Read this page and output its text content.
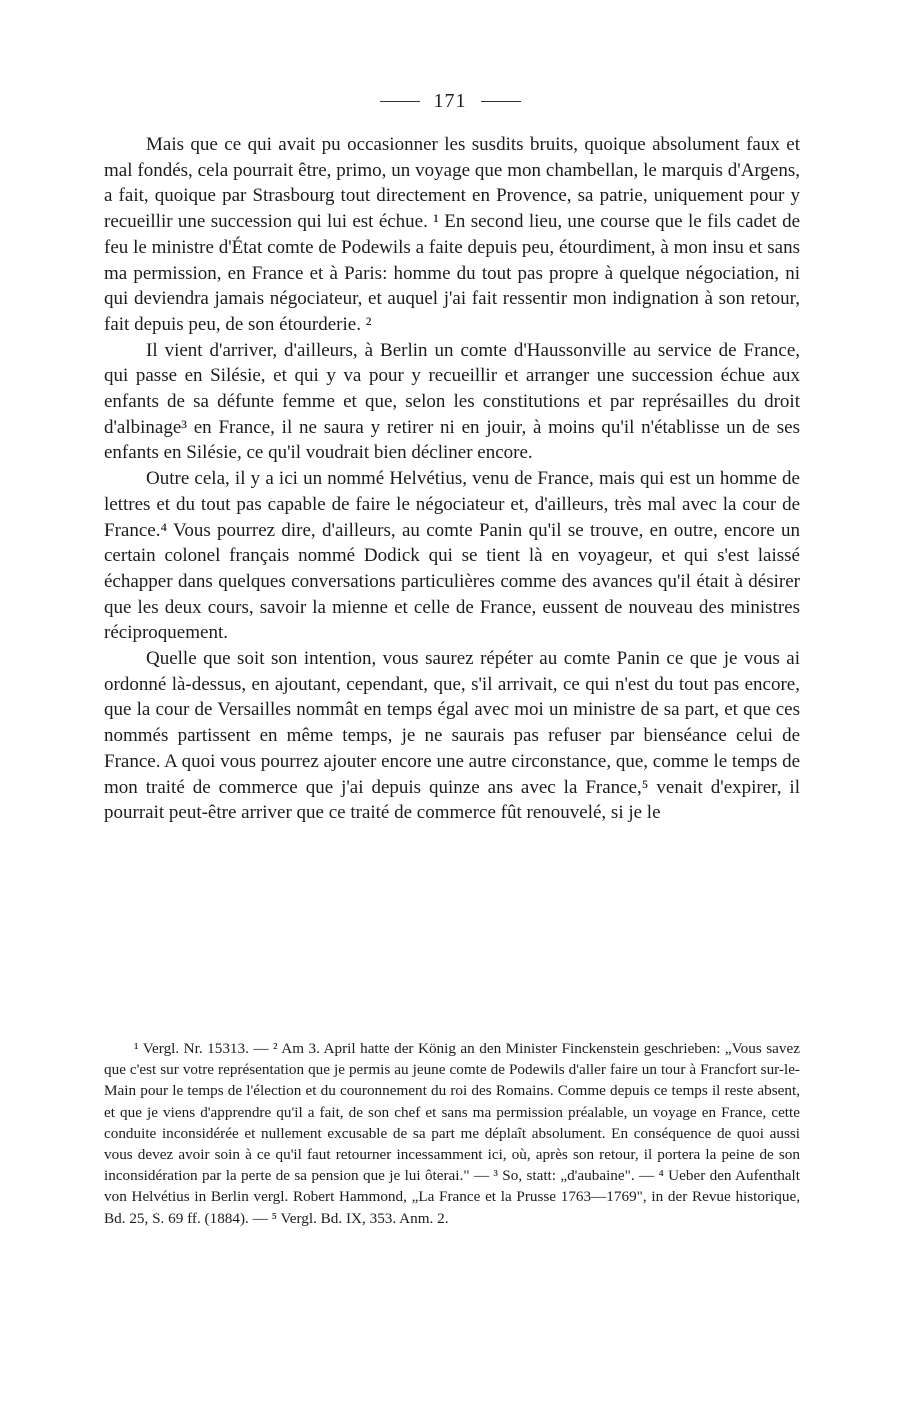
171

Mais que ce qui avait pu occasionner les susdits bruits, quoique absolument faux et mal fondés, cela pourrait être, primo, un voyage que mon chambellan, le marquis d'Argens, a fait, quoique par Strasbourg tout directement en Provence, sa patrie, uniquement pour y recueillir une succession qui lui est échue. ¹ En second lieu, une course que le fils cadet de feu le ministre d'État comte de Podewils a faite depuis peu, étourdiment, à mon insu et sans ma permission, en France et à Paris: homme du tout pas propre à quelque négociation, ni qui deviendra jamais négociateur, et auquel j'ai fait ressentir mon indignation à son retour, fait depuis peu, de son étourderie. ²

Il vient d'arriver, d'ailleurs, à Berlin un comte d'Haussonville au service de France, qui passe en Silésie, et qui y va pour y recueillir et arranger une succession échue aux enfants de sa défunte femme et que, selon les constitutions et par représailles du droit d'albinage³ en France, il ne saura y retirer ni en jouir, à moins qu'il n'établisse un de ses enfants en Silésie, ce qu'il voudrait bien décliner encore.

Outre cela, il y a ici un nommé Helvétius, venu de France, mais qui est un homme de lettres et du tout pas capable de faire le négociateur et, d'ailleurs, très mal avec la cour de France.⁴ Vous pourrez dire, d'ailleurs, au comte Panin qu'il se trouve, en outre, encore un certain colonel français nommé Dodick qui se tient là en voyageur, et qui s'est laissé échapper dans quelques conversations particulières comme des avances qu'il était à désirer que les deux cours, savoir la mienne et celle de France, eussent de nouveau des ministres réciproquement.

Quelle que soit son intention, vous saurez répéter au comte Panin ce que je vous ai ordonné là-dessus, en ajoutant, cependant, que, s'il arrivait, ce qui n'est du tout pas encore, que la cour de Versailles nommât en temps égal avec moi un ministre de sa part, et que ces nommés partissent en même temps, je ne saurais pas refuser par bienséance celui de France. A quoi vous pourrez ajouter encore une autre circonstance, que, comme le temps de mon traité de commerce que j'ai depuis quinze ans avec la France,⁵ venait d'expirer, il pourrait peut-être arriver que ce traité de commerce fût renouvelé, si je le

¹ Vergl. Nr. 15313. — ² Am 3. April hatte der König an den Minister Finckenstein geschrieben: „Vous savez que c'est sur votre représentation que je permis au jeune comte de Podewils d'aller faire un tour à Francfort sur-le-Main pour le temps de l'élection et du couronnement du roi des Romains. Comme depuis ce temps il reste absent, et que je viens d'apprendre qu'il a fait, de son chef et sans ma permission préalable, un voyage en France, cette conduite inconsidérée et nullement excusable de sa part me déplaît absolument. En conséquence de quoi aussi vous devez avoir soin à ce qu'il faut retourner incessamment ici, où, après son retour, il portera la peine de son inconsidération par la perte de sa pension que je lui ôterai." — ³ So, statt: „d'aubaine". — ⁴ Ueber den Aufenthalt von Helvétius in Berlin vergl. Robert Hammond, „La France et la Prusse 1763—1769", in der Revue historique, Bd. 25, S. 69 ff. (1884). — ⁵ Vergl. Bd. IX, 353. Anm. 2.
